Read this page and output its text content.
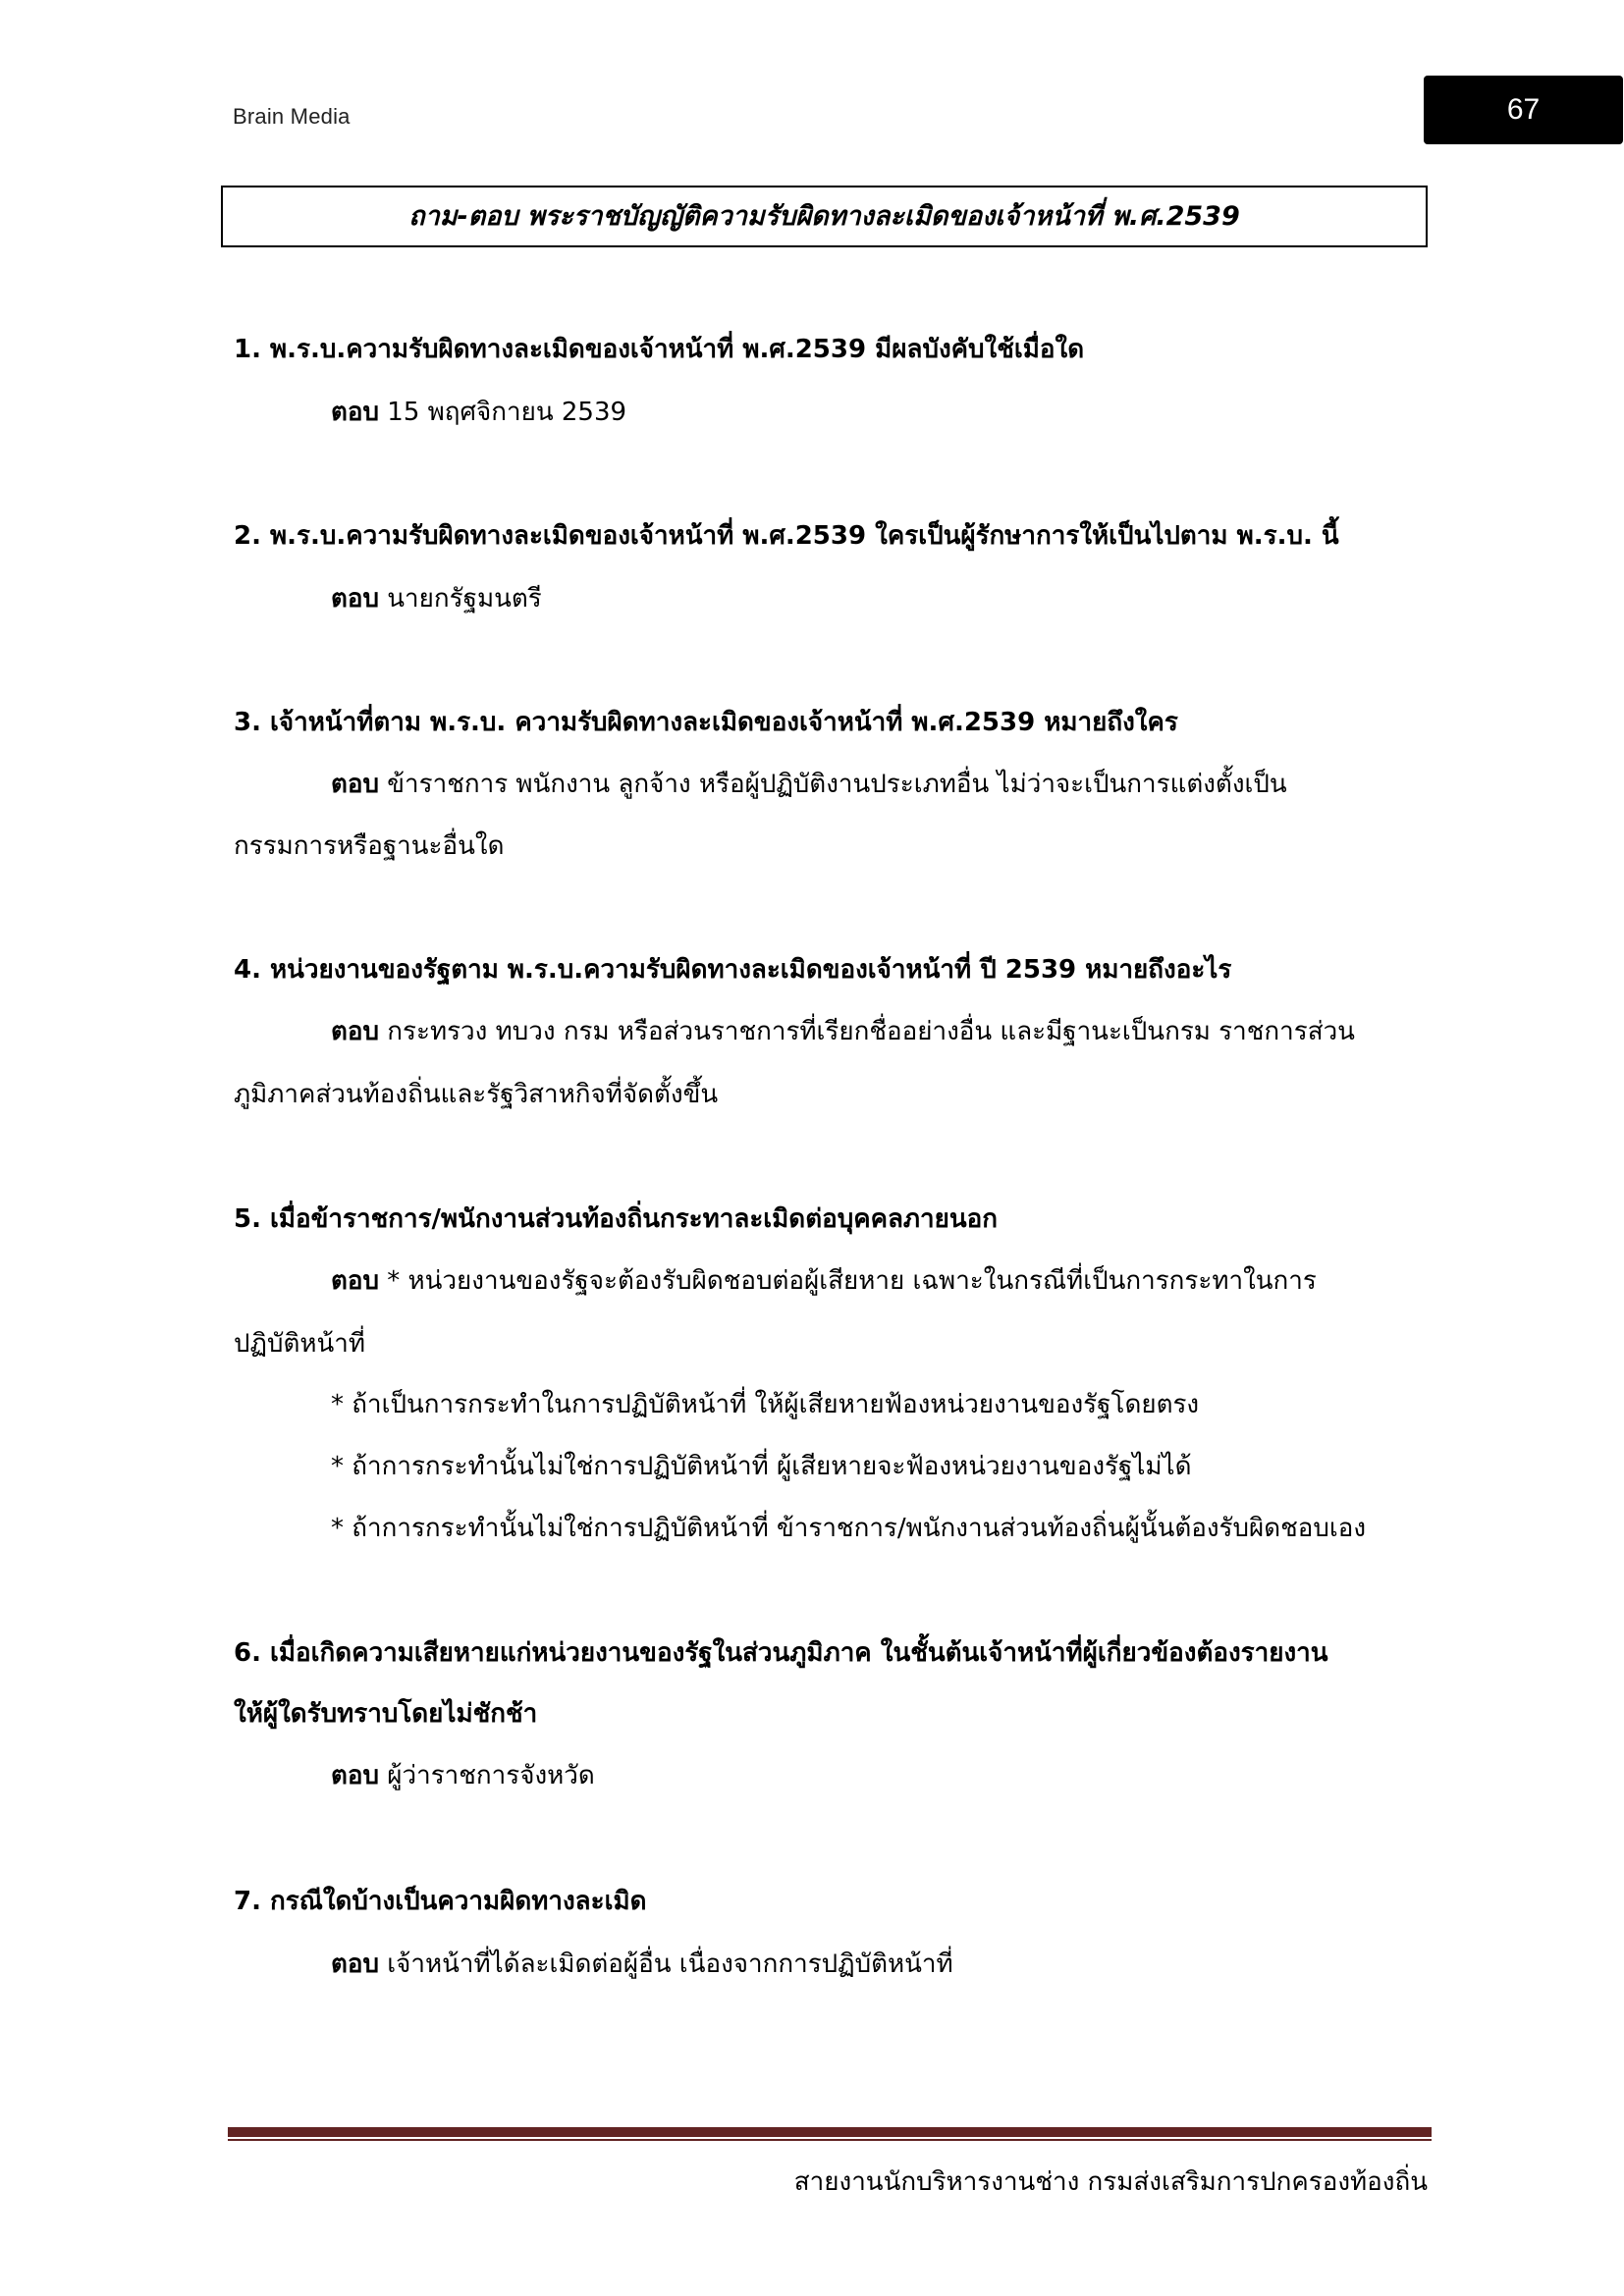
Brain Media	67
ถาม-ตอบ พระราชบัญญัติความรับผิดทางละเมิดของเจ้าหน้าที่ พ.ศ.2539
1. พ.ร.บ.ความรับผิดทางละเมิดของเจ้าหน้าที่ พ.ศ.2539 มีผลบังคับใช้เมื่อใด
ตอบ 15 พฤศจิกายน 2539
2. พ.ร.บ.ความรับผิดทางละเมิดของเจ้าหน้าที่ พ.ศ.2539 ใครเป็นผู้รักษาการให้เป็นไปตาม พ.ร.บ. นี้
ตอบ นายกรัฐมนตรี
3. เจ้าหน้าที่ตาม พ.ร.บ. ความรับผิดทางละเมิดของเจ้าหน้าที่ พ.ศ.2539 หมายถึงใคร
ตอบ ข้าราชการ พนักงาน ลูกจ้าง หรือผู้ปฏิบัติงานประเภทอื่น ไม่ว่าจะเป็นการแต่งตั้งเป็น
กรรมการหรือฐานะอื่นใด
4. หน่วยงานของรัฐตาม พ.ร.บ.ความรับผิดทางละเมิดของเจ้าหน้าที่ ปี 2539 หมายถึงอะไร
ตอบ กระทรวง ทบวง กรม หรือส่วนราชการที่เรียกชื่ออย่างอื่น และมีฐานะเป็นกรม ราชการส่วน
ภูมิภาคส่วนท้องถิ่นและรัฐวิสาหกิจที่จัดตั้งขึ้น
5. เมื่อข้าราชการ/พนักงานส่วนท้องถิ่นกระทาละเมิดต่อบุคคลภายนอก
ตอบ * หน่วยงานของรัฐจะต้องรับผิดชอบต่อผู้เสียหาย เฉพาะในกรณีที่เป็นการกระทาในการ
ปฏิบัติหน้าที่
* ถ้าเป็นการกระทำในการปฏิบัติหน้าที่ ให้ผู้เสียหายฟ้องหน่วยงานของรัฐโดยตรง
* ถ้าการกระทำนั้นไม่ใช่การปฏิบัติหน้าที่ ผู้เสียหายจะฟ้องหน่วยงานของรัฐไม่ได้
* ถ้าการกระทำนั้นไม่ใช่การปฏิบัติหน้าที่ ข้าราชการ/พนักงานส่วนท้องถิ่นผู้นั้นต้องรับผิดชอบเอง
6. เมื่อเกิดความเสียหายแก่หน่วยงานของรัฐในส่วนภูมิภาค ในชั้นต้นเจ้าหน้าที่ผู้เกี่ยวข้องต้องรายงาน
ให้ผู้ใดรับทราบโดยไม่ชักช้า
ตอบ ผู้ว่าราชการจังหวัด
7. กรณีใดบ้างเป็นความผิดทางละเมิด
ตอบ เจ้าหน้าที่ได้ละเมิดต่อผู้อื่น เนื่องจากการปฏิบัติหน้าที่
สายงานนักบริหารงานช่าง กรมส่งเสริมการปกครองท้องถิ่น
